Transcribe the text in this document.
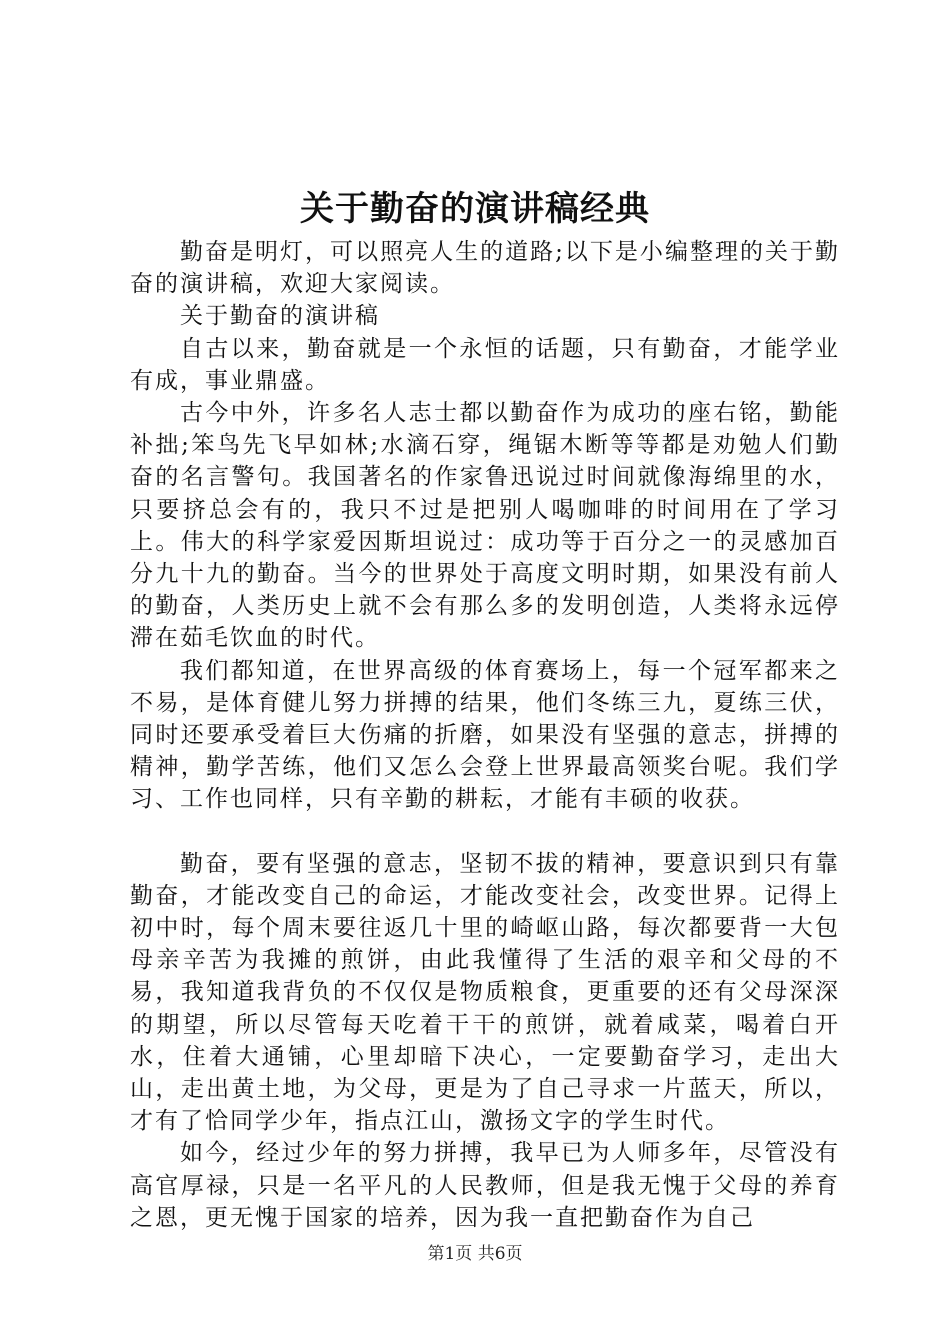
关于勤奋的演讲稿经典

勤奋是明灯，可以照亮人生的道路;以下是小编整理的关于勤奋的演讲稿，欢迎大家阅读。

关于勤奋的演讲稿

自古以来，勤奋就是一个永恒的话题，只有勤奋，才能学业有成，事业鼎盛。

古今中外，许多名人志士都以勤奋作为成功的座右铭，勤能补拙;笨鸟先飞早如林;水滴石穿，绳锯木断等等都是劝勉人们勤奋的名言警句。我国著名的作家鲁迅说过时间就像海绵里的水，只要挤总会有的，我只不过是把别人喝咖啡的时间用在了学习上。伟大的科学家爱因斯坦说过：成功等于百分之一的灵感加百分九十九的勤奋。当今的世界处于高度文明时期，如果没有前人的勤奋，人类历史上就不会有那么多的发明创造，人类将永远停滞在茹毛饮血的时代。

我们都知道，在世界高级的体育赛场上，每一个冠军都来之不易，是体育健儿努力拼搏的结果，他们冬练三九，夏练三伏，同时还要承受着巨大伤痛的折磨，如果没有坚强的意志，拼搏的精神，勤学苦练，他们又怎么会登上世界最高领奖台呢。我们学习、工作也同样，只有辛勤的耕耘，才能有丰硕的收获。

勤奋，要有坚强的意志，坚韧不拔的精神，要意识到只有靠勤奋，才能改变自己的命运，才能改变社会，改变世界。记得上初中时，每个周末要往返几十里的崎岖山路，每次都要背一大包母亲辛苦为我摊的煎饼，由此我懂得了生活的艰辛和父母的不易，我知道我背负的不仅仅是物质粮食，更重要的还有父母深深的期望，所以尽管每天吃着干干的煎饼，就着咸菜，喝着白开水，住着大通铺，心里却暗下决心，一定要勤奋学习，走出大山，走出黄土地，为父母，更是为了自己寻求一片蓝天，所以，才有了恰同学少年，指点江山，激扬文字的学生时代。

如今，经过少年的努力拼搏，我早已为人师多年，尽管没有高官厚禄，只是一名平凡的人民教师，但是我无愧于父母的养育之恩，更无愧于国家的培养，因为我一直把勤奋作为自己

第1页 共6页
